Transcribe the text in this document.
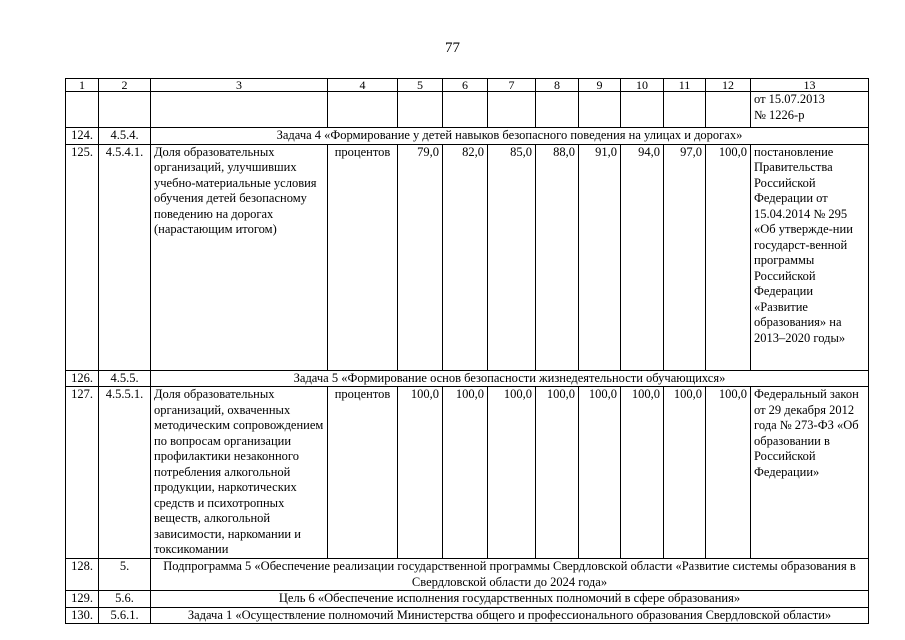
77
1	2	3	4	5	6	7	8	9	10	11	12	13
												от 15.07.2013
№ 1226-р
124.	4.5.4.	Задача 4 «Формирование у детей навыков безопасного поведения на улицах и дорогах»										
125.	4.5.4.1.	Доля образовательных организаций, улучшивших учебно-материальные условия обучения детей безопасному поведению на дорогах (нарастающим итогом)	процентов	79,0	82,0	85,0	88,0	91,0	94,0	97,0	100,0	постановление Правительства Российской Федерации от 15.04.2014 № 295 «Об утвержде-нии государст-венной программы Российской Федерации «Развитие образования» на 2013–2020 годы»
126.	4.5.5.	Задача 5 «Формирование основ безопасности жизнедеятельности обучающихся»										
127.	4.5.5.1.	Доля образовательных организаций, охваченных методическим сопровождением по вопросам организации профилактики незаконного потребления алкогольной продукции, наркотических средств и психотропных веществ, алкогольной зависимости, наркомании и токсикомании	процентов	100,0	100,0	100,0	100,0	100,0	100,0	100,0	100,0	Федеральный закон от 29 декабря 2012 года № 273-ФЗ «Об образовании в Российской Федерации»
128.	5.	Подпрограмма 5 «Обеспечение реализации государственной программы Свердловской области «Развитие системы образования в Свердловской области до 2024 года»										
129.	5.6.	Цель 6 «Обеспечение исполнения государственных полномочий в сфере образования»										
130.	5.6.1.	Задача 1 «Осуществление полномочий Министерства общего и профессионального образования Свердловской области»										
